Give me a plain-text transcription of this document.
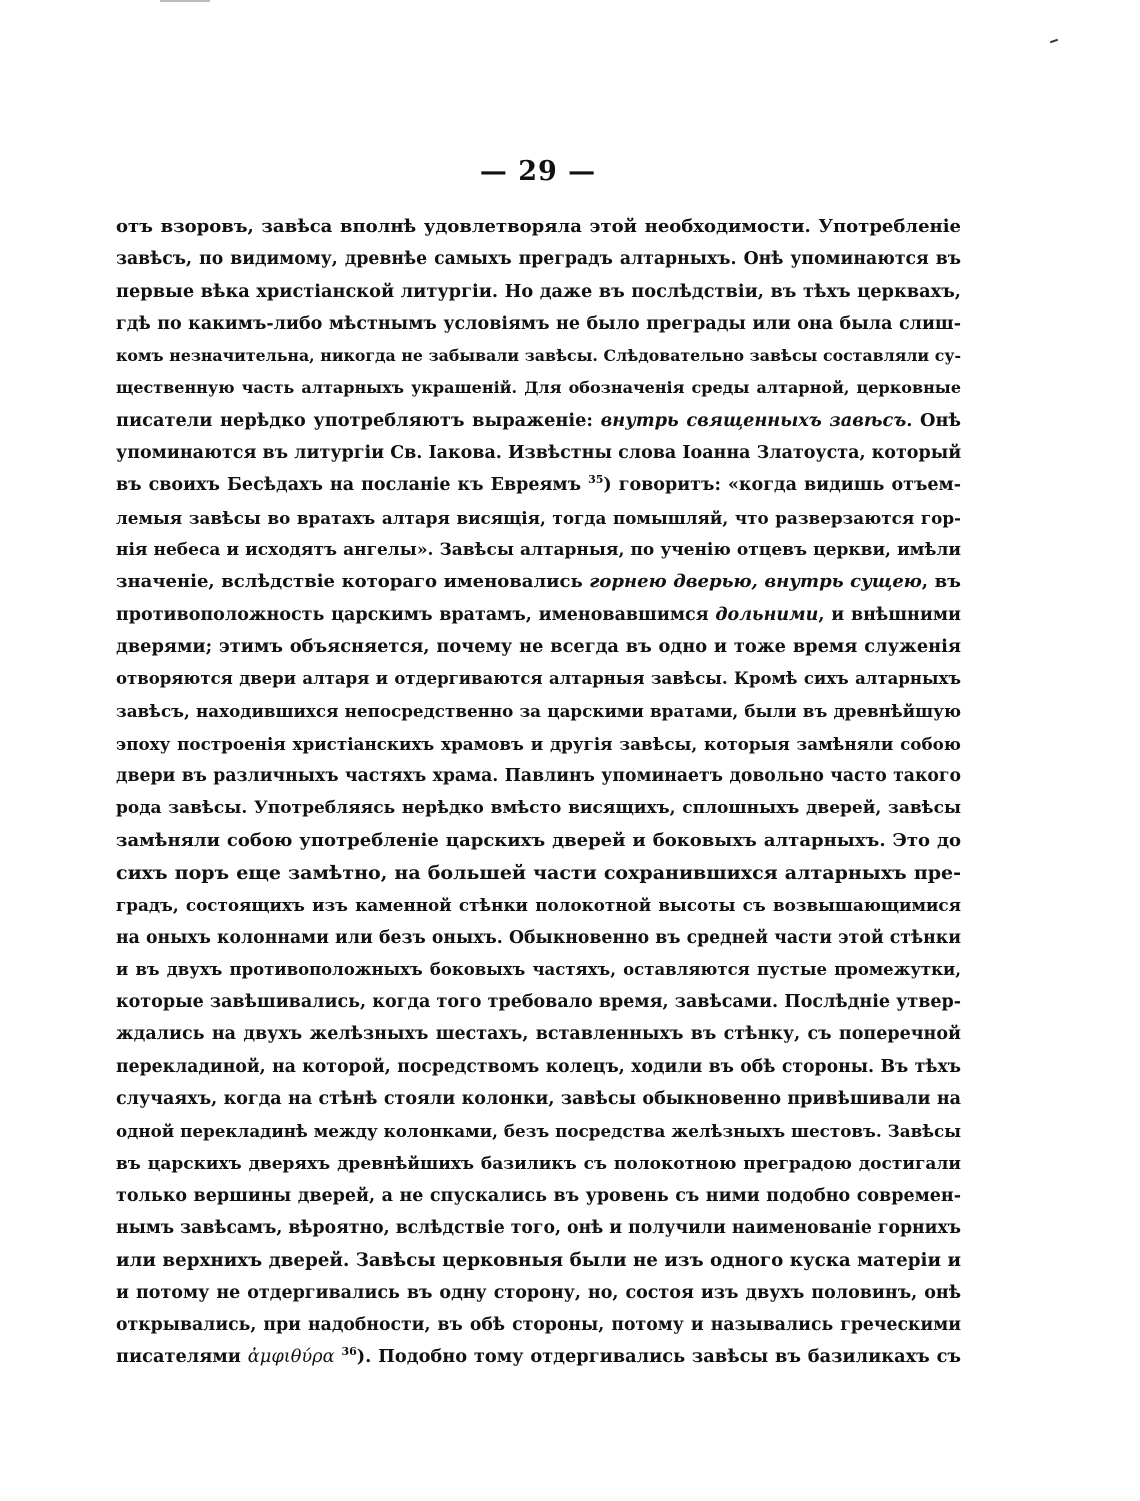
— 29 —
отъ взоровъ, завѣса вполнѣ удовлетворяла этой необходимости. Употребленіе
завѣсъ, по видимому, древнѣе самыхъ преградъ алтарныхъ. Онѣ упоминаются въ
первые вѣка христіанской литургіи. Но даже въ послѣдствіи, въ тѣхъ церквахъ,
гдѣ по какимъ-либо мѣстнымъ условіямъ не было преграды или она была слиш-
комъ незначительна, никогда не забывали завѣсы. Слѣдовательно завѣсы составляли су-
щественную часть алтарныхъ украшеній. Для обозначенія среды алтарной, церковные
писатели нерѣдко употребляютъ выраженіе: внутрь священныхъ завѣсъ. Онѣ
упоминаются въ литургіи Св. Іакова. Извѣстны слова Іоанна Златоуста, который
въ своихъ Бесѣдахъ на посланіе къ Евреямъ $^{35}$) говоритъ: «когда видишь отъем-
лемыя завѣсы во вратахъ алтаря висящія, тогда помышляй, что разверзаются гор-
нія небеса и исходятъ ангелы». Завѣсы алтарныя, по ученію отцевъ церкви, имѣли
значеніе, вслѣдствіе котораго именовались горнею дверью, внутрь сущею, въ
противоположность царскимъ вратамъ, именовавшимся дольними, и внѣшними
дверями; этимъ объясняется, почему не всегда въ одно и тоже время служенія
отворяются двери алтаря и отдергиваются алтарныя завѣсы. Кромѣ сихъ алтарныхъ
завѣсъ, находившихся непосредственно за царскими вратами, были въ древнѣйшую
эпоху построенія христіанскихъ храмовъ и другія завѣсы, которыя замѣняли собою
двери въ различныхъ частяхъ храма. Павлинъ упоминаетъ довольно часто такого
рода завѣсы. Употребляясь нерѣдко вмѣсто висящихъ, сплошныхъ дверей, завѣсы
замѣняли собою употребленіе царскихъ дверей и боковыхъ алтарныхъ. Это до
сихъ поръ еще замѣтно, на большей части сохранившихся алтарныхъ пре-
градъ, состоящихъ изъ каменной стѣнки полокотной высоты съ возвышающимися
на оныхъ колоннами или безъ оныхъ. Обыкновенно въ средней части этой стѣнки
и въ двухъ противоположныхъ боковыхъ частяхъ, оставляются пустые промежутки,
которые завѣшивались, когда того требовало время, завѣсами. Послѣдніе утвер-
ждались на двухъ желѣзныхъ шестахъ, вставленныхъ въ стѣнку, съ поперечной
перекладиной, на которой, посредствомъ колецъ, ходили въ обѣ стороны. Въ тѣхъ
случаяхъ, когда на стѣнѣ стояли колонки, завѣсы обыкновенно привѣшивали на
одной перекладинѣ между колонками, безъ посредства желѣзныхъ шестовъ. Завѣсы
въ царскихъ дверяхъ древнѣйшихъ базиликъ съ полокотною преградою достигали
только вершины дверей, а не спускались въ уровень съ ними подобно современ-
нымъ завѣсамъ, вѣроятно, вслѣдствіе того, онѣ и получили наименованіе горнихъ
или верхнихъ дверей. Завѣсы церковныя были не изъ одного куска матеріи и
и потому не отдергивались въ одну сторону, но, состоя изъ двухъ половинъ, онѣ
открывались, при надобности, въ обѣ стороны, потому и назывались греческими
писателями ἀμφιθύρα $^{36}$). Подобно тому отдергивались завѣсы въ базиликахъ съ
